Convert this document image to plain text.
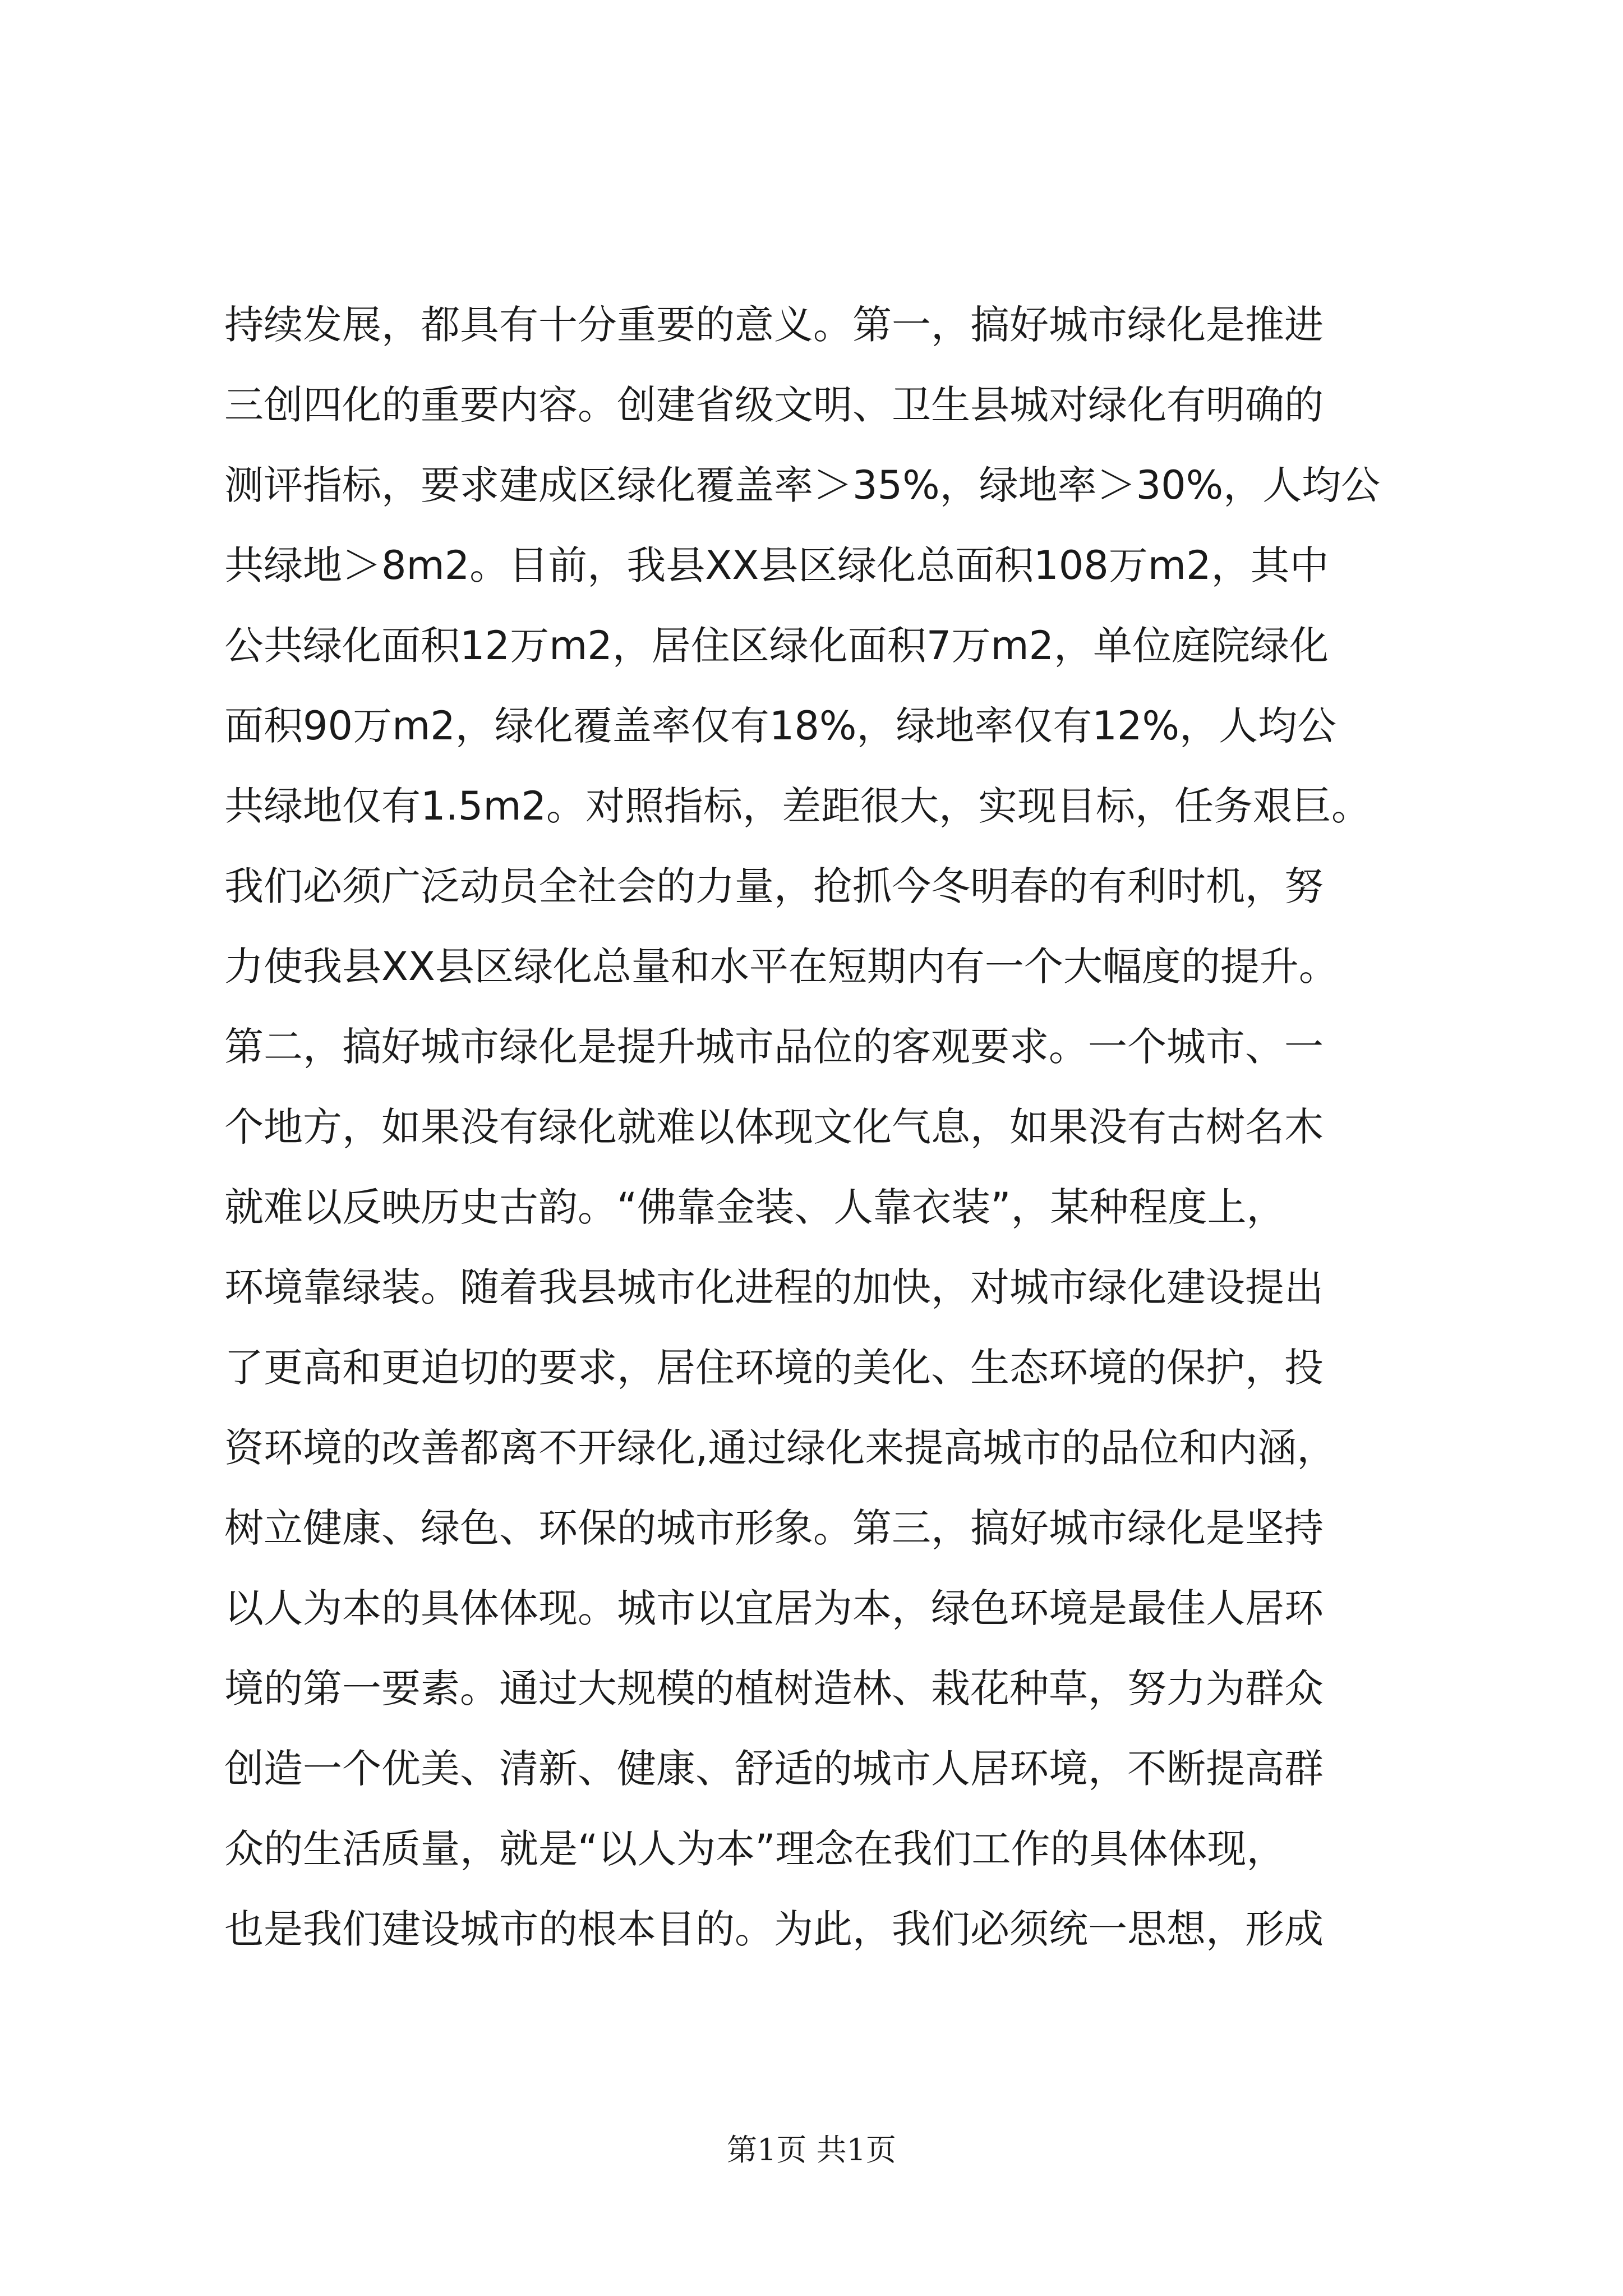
持续发展，都具有十分重要的意义。第一，搞好城市绿化是推进
三创四化的重要内容。创建省级文明、卫生县城对绿化有明确的
测评指标，要求建成区绿化覆盖率＞35%，绿地率＞30%，人均公
共绿地＞8m2。目前，我县XX县区绿化总面积108万m2，其中
公共绿化面积12万m2，居住区绿化面积7万m2，单位庭院绿化
面积90万m2，绿化覆盖率仅有18%，绿地率仅有12%，人均公
共绿地仅有1.5m2。对照指标，差距很大，实现目标，任务艰巨。
我们必须广泛动员全社会的力量，抢抓今冬明春的有利时机，努
力使我县XX县区绿化总量和水平在短期内有一个大幅度的提升。
第二，搞好城市绿化是提升城市品位的客观要求。一个城市、一
个地方，如果没有绿化就难以体现文化气息，如果没有古树名木
就难以反映历史古韵。“佛靠金装、人靠衣装”，某种程度上，
环境靠绿装。随着我县城市化进程的加快，对城市绿化建设提出
了更高和更迫切的要求，居住环境的美化、生态环境的保护，投
资环境的改善都离不开绿化,通过绿化来提高城市的品位和内涵，
树立健康、绿色、环保的城市形象。第三，搞好城市绿化是坚持
以人为本的具体体现。城市以宜居为本，绿色环境是最佳人居环
境的第一要素。通过大规模的植树造林、栽花种草，努力为群众
创造一个优美、清新、健康、舒适的城市人居环境，不断提高群
众的生活质量，就是“以人为本”理念在我们工作的具体体现，
也是我们建设城市的根本目的。为此，我们必须统一思想，形成
第1页 共1页
